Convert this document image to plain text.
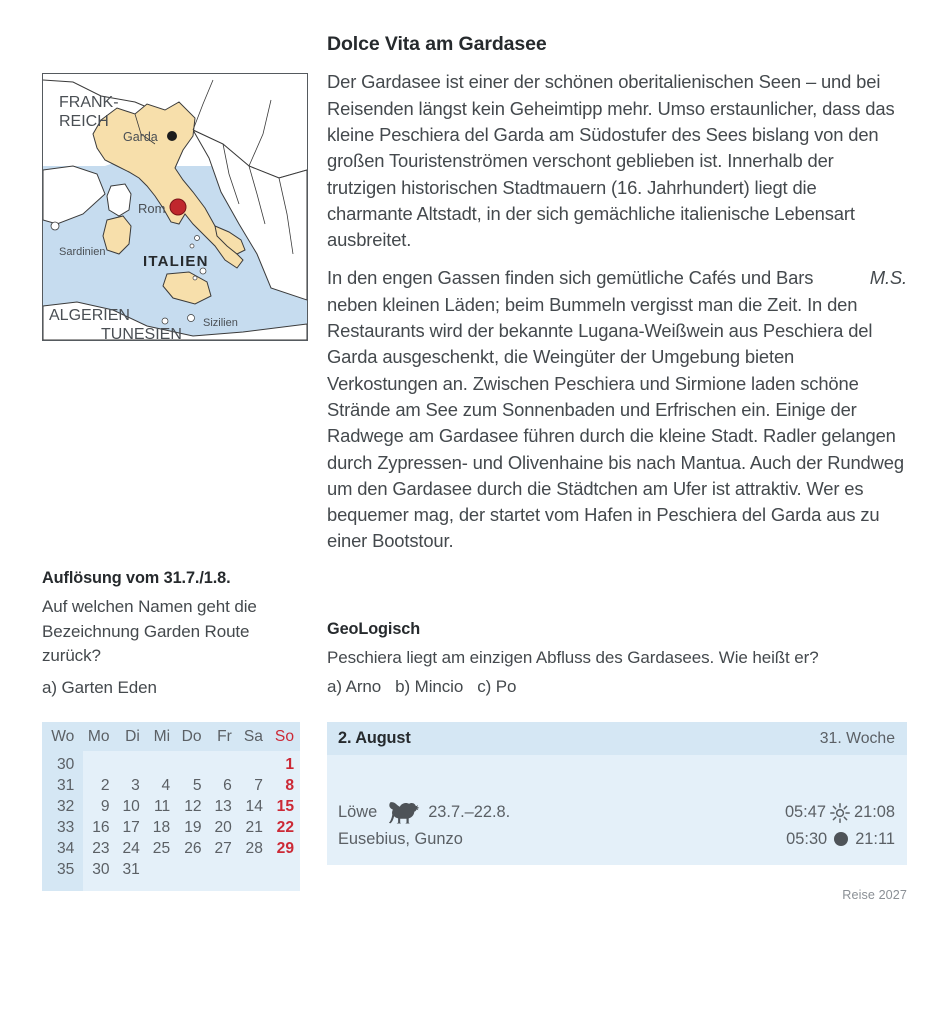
FRANK-
REICH
Garda
Rom
Sardinien
ITALIEN
ALGERIEN
TUNESIEN
Sizilien
Dolce Vita am Gardasee

Der Gardasee ist einer der schönen oberitalienischen Seen – und bei Reisenden längst kein Geheimtipp mehr. Umso erstaunlicher, dass das kleine Peschiera del Garda am Südostufer des Sees bislang von den großen Touristenströmen verschont geblieben ist. Innerhalb der trutzigen historischen Stadtmauern (16. Jahrhundert) liegt die charmante Altstadt, in der sich gemächliche italienische Lebensart ausbreitet.

M.S.
In den engen Gassen finden sich gemütliche Cafés und Bars neben kleinen Läden; beim Bummeln vergisst man die Zeit. In den Restaurants wird der bekannte Lugana-Weißwein aus Peschiera del Garda ausgeschenkt, die Weingüter der Umgebung bieten Verkostungen an. Zwischen Peschiera und Sirmione laden schöne Strände am See zum Sonnenbaden und Erfrischen ein. Einige der Radwege am Gardasee führen durch die kleine Stadt. Radler gelangen durch Zypressen- und Olivenhaine bis nach Mantua. Auch der Rundweg um den Gardasee durch die Städtchen am Ufer ist attraktiv. Wer es bequemer mag, der startet vom Hafen in Peschiera del Garda aus zu einer Bootstour.

Auflösung vom 31.7./1.8.

Auf welchen Namen geht die Bezeichnung Garden Route zurück?

a) Garten Eden

GeoLogisch

Peschiera liegt am einzigen Abfluss des Gardasees. Wie heißt er?

a) Arno b) Mincio c) Po

Wo	Mo	Di	Mi	Do	Fr	Sa	So
30							1
31	2	3	4	5	6	7	8
32	9	10	11	12	13	14	15
33	16	17	18	19	20	21	22
34	23	24	25	26	27	28	29
35	30	31					
2. August	31. Woche
Löwe	23.7.–22.8.	05:47 21:08
Eusebius, Gunzo	05:30 21:11
Reise 2027
